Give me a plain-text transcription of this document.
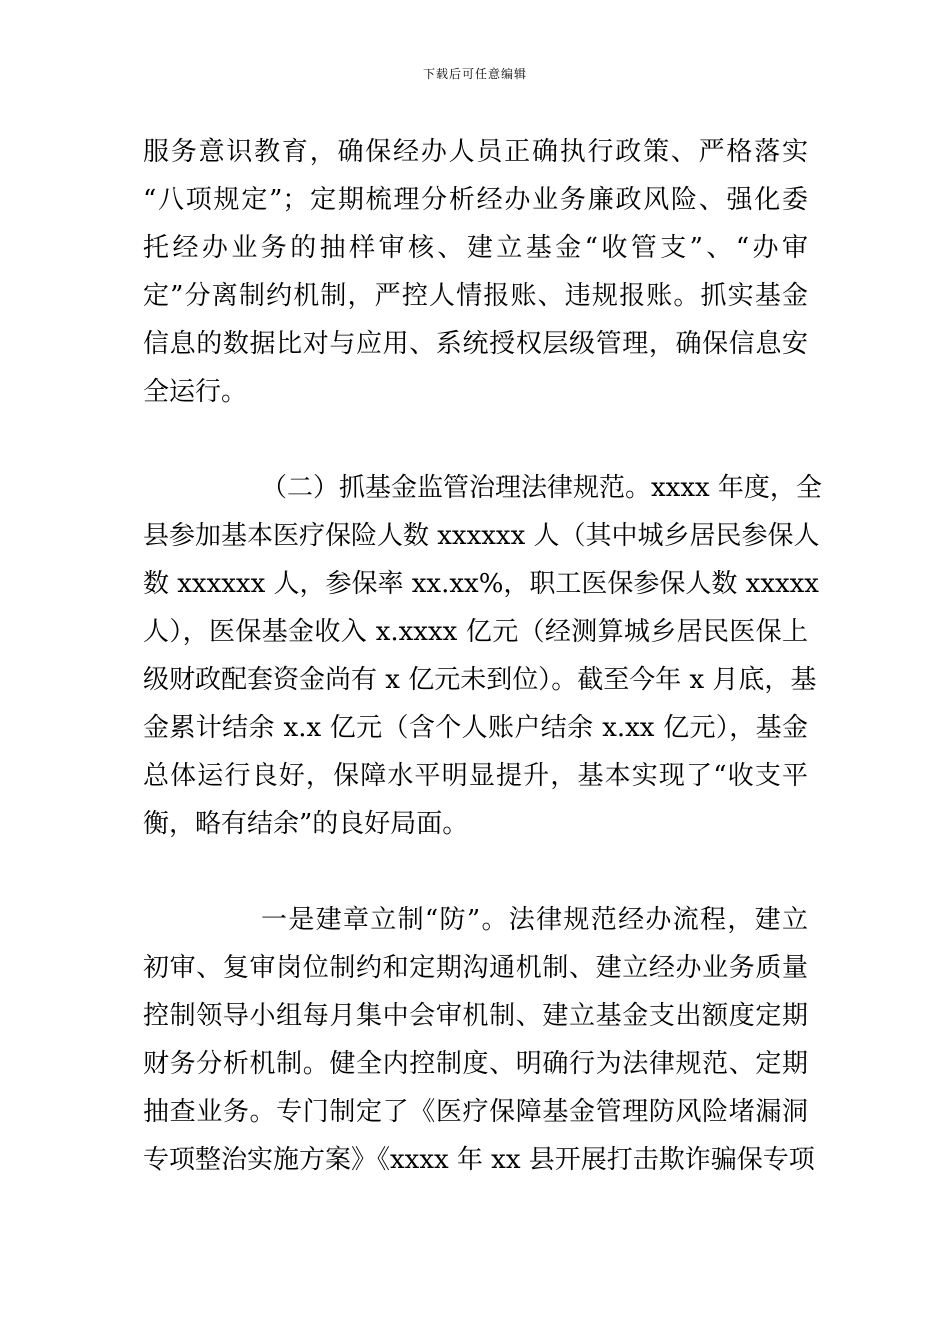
下载后可任意编辑
服务意识教育，确保经办人员正确执行政策、严格落实
“八项规定”；定期梳理分析经办业务廉政风险、强化委
托经办业务的抽样审核、建立基金“收管支”、“办审
定”分离制约机制，严控人情报账、违规报账。抓实基金
信息的数据比对与应用、系统授权层级管理，确保信息安
全运行。
（二）抓基金监管治理法律规范。xxxx 年度，全
县参加基本医疗保险人数 xxxxxx 人（其中城乡居民参保人
数 xxxxxx 人，参保率 xx.xx%，职工医保参保人数 xxxxx
人），医保基金收入 x.xxxx 亿元（经测算城乡居民医保上
级财政配套资金尚有 x 亿元未到位）。截至今年 x 月底，基
金累计结余 x.x 亿元（含个人账户结余 x.xx 亿元），基金
总体运行良好，保障水平明显提升，基本实现了“收支平
衡，略有结余”的良好局面。
一是建章立制“防”。法律规范经办流程，建立
初审、复审岗位制约和定期沟通机制、建立经办业务质量
控制领导小组每月集中会审机制、建立基金支出额度定期
财务分析机制。健全内控制度、明确行为法律规范、定期
抽查业务。专门制定了《医疗保障基金管理防风险堵漏洞
专项整治实施方案》《xxxx 年 xx 县开展打击欺诈骗保专项
